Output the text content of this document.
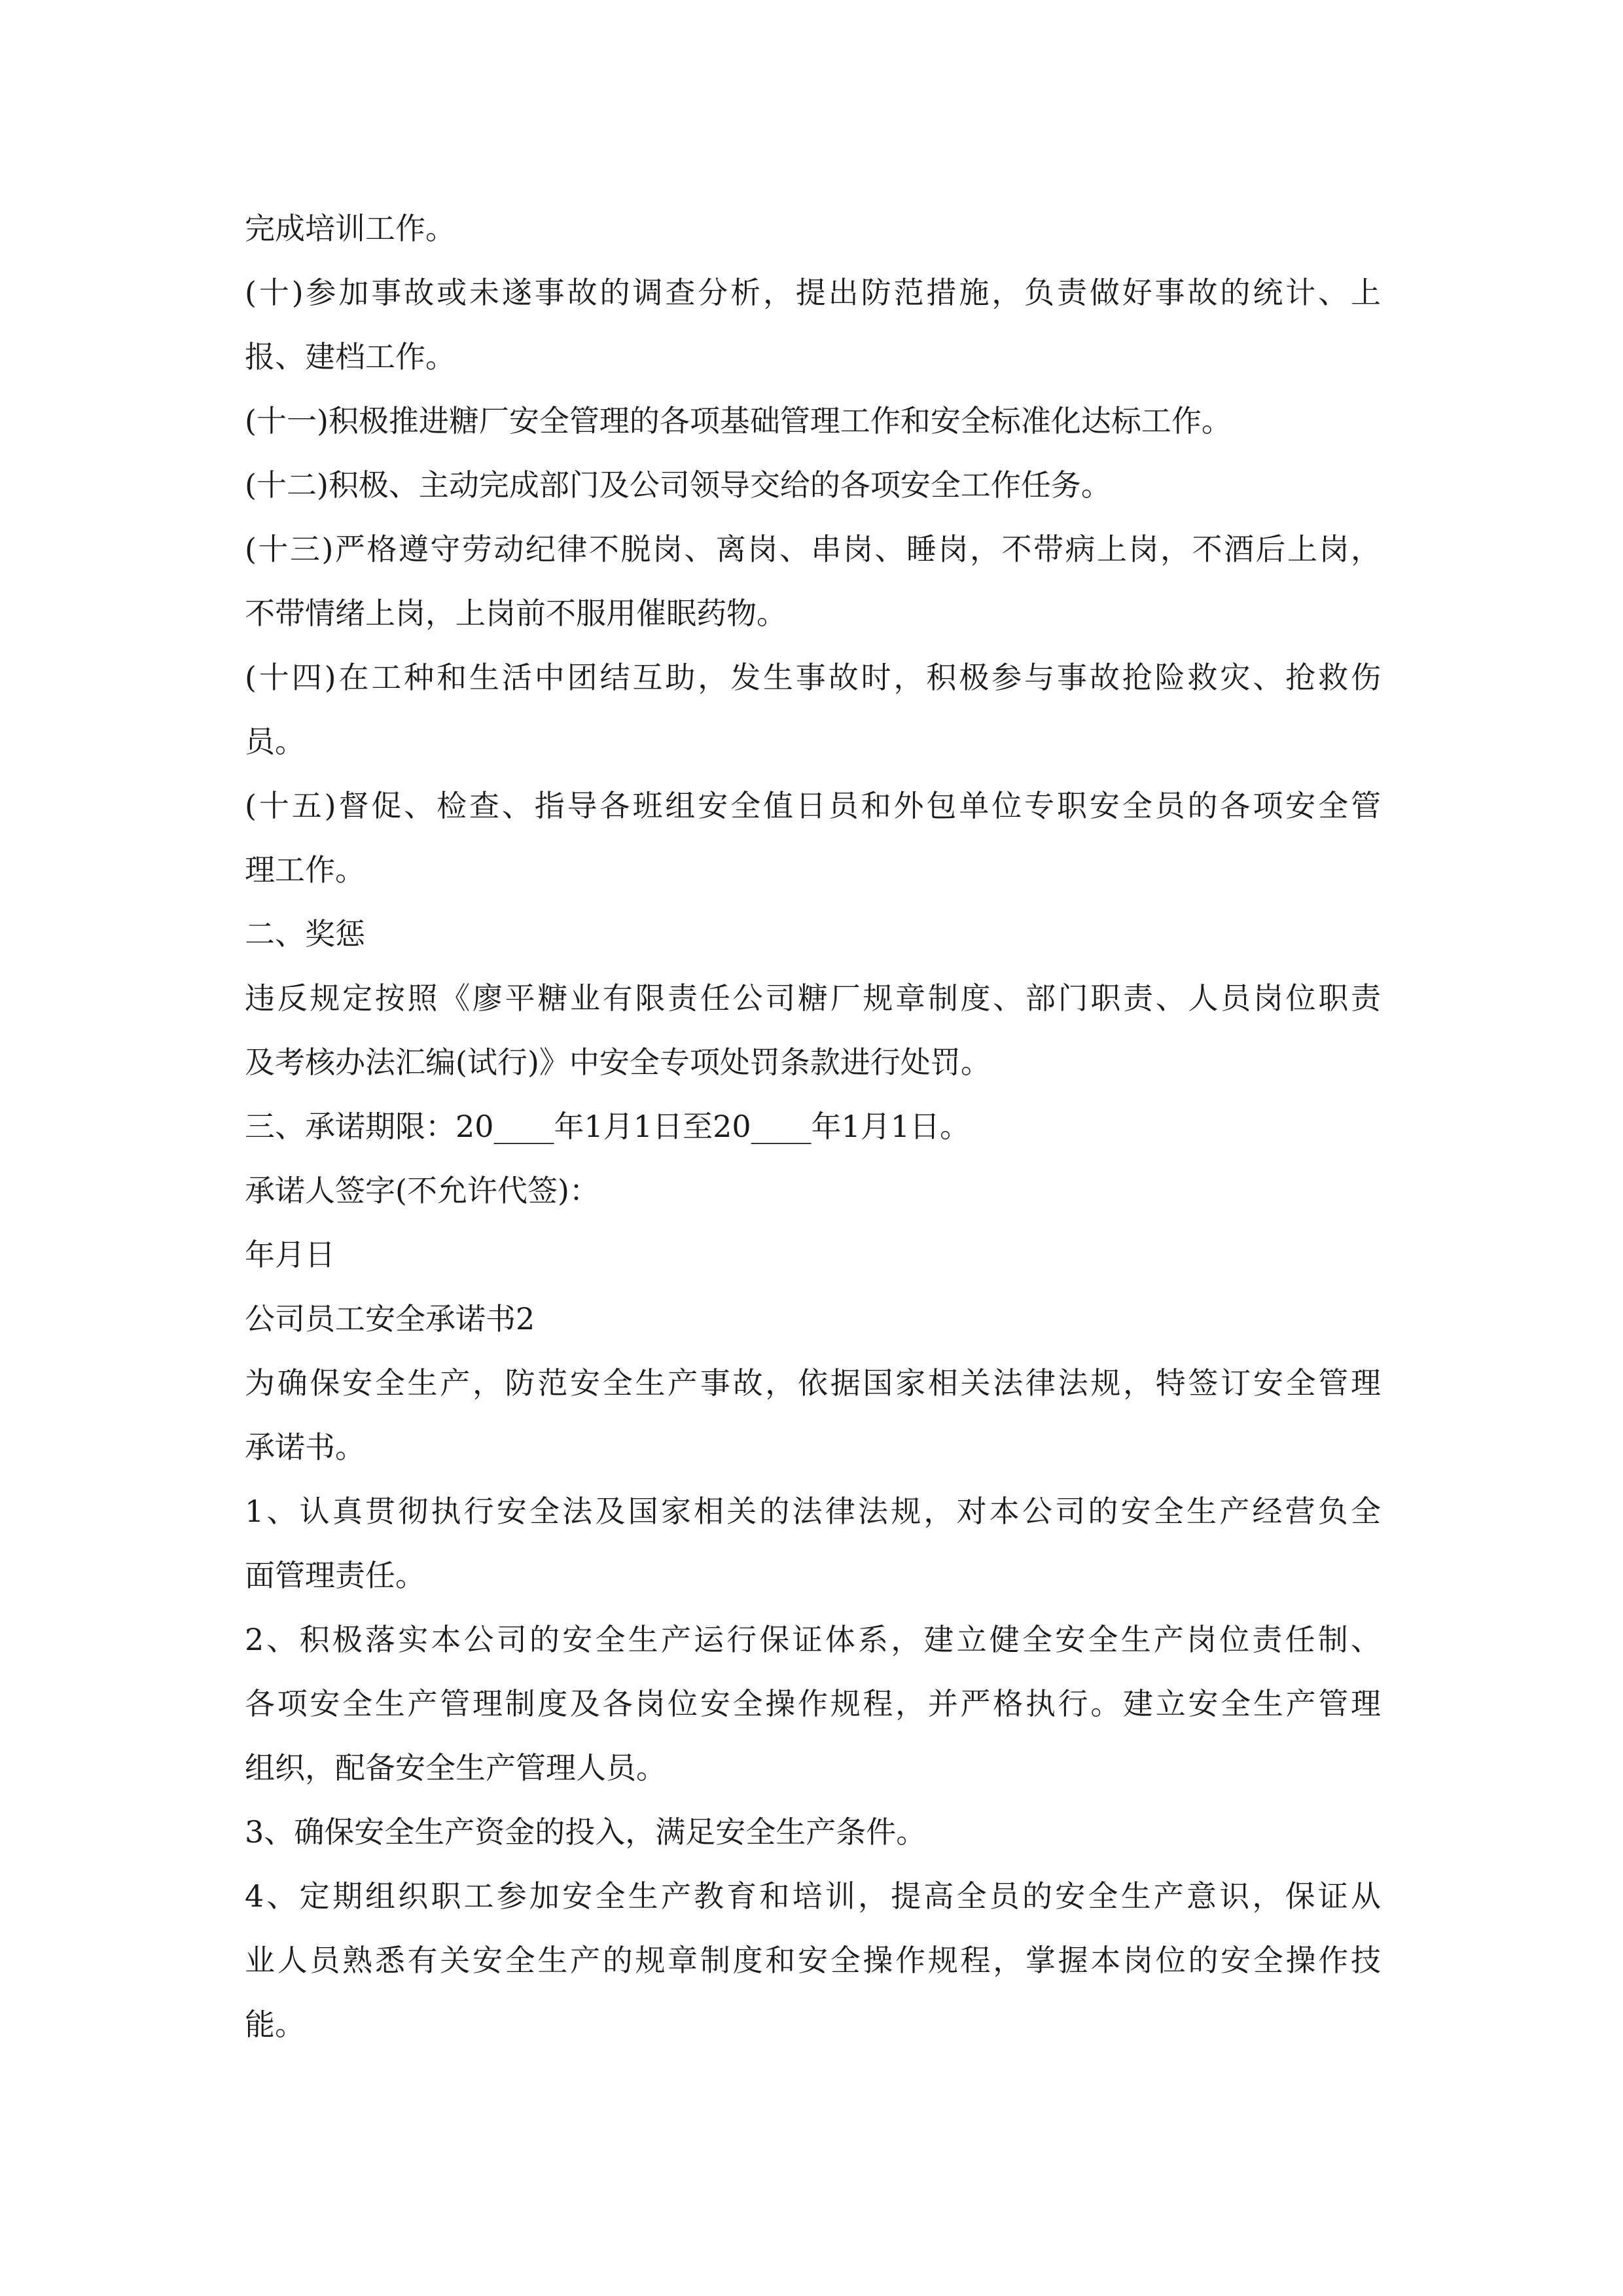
完成培训工作。
(十)参加事故或未遂事故的调查分析，提出防范措施，负责做好事故的统计、上
报、建档工作。
(十一)积极推进糖厂安全管理的各项基础管理工作和安全标准化达标工作。
(十二)积极、主动完成部门及公司领导交给的各项安全工作任务。
(十三)严格遵守劳动纪律不脱岗、离岗、串岗、睡岗，不带病上岗，不酒后上岗，
不带情绪上岗，上岗前不服用催眠药物。
(十四)在工种和生活中团结互助，发生事故时，积极参与事故抢险救灾、抢救伤
员。
(十五)督促、检查、指导各班组安全值日员和外包单位专职安全员的各项安全管
理工作。
二、奖惩
违反规定按照《廖平糖业有限责任公司糖厂规章制度、部门职责、人员岗位职责
及考核办法汇编(试行)》中安全专项处罚条款进行处罚。
三、承诺期限：20____年1月1日至20____年1月1日。
承诺人签字(不允许代签)：
年月日
公司员工安全承诺书2
为确保安全生产，防范安全生产事故，依据国家相关法律法规，特签订安全管理
承诺书。
1、认真贯彻执行安全法及国家相关的法律法规，对本公司的安全生产经营负全
面管理责任。
2、积极落实本公司的安全生产运行保证体系，建立健全安全生产岗位责任制、
各项安全生产管理制度及各岗位安全操作规程，并严格执行。建立安全生产管理
组织，配备安全生产管理人员。
3、确保安全生产资金的投入，满足安全生产条件。
4、定期组织职工参加安全生产教育和培训，提高全员的安全生产意识，保证从
业人员熟悉有关安全生产的规章制度和安全操作规程，掌握本岗位的安全操作技
能。
